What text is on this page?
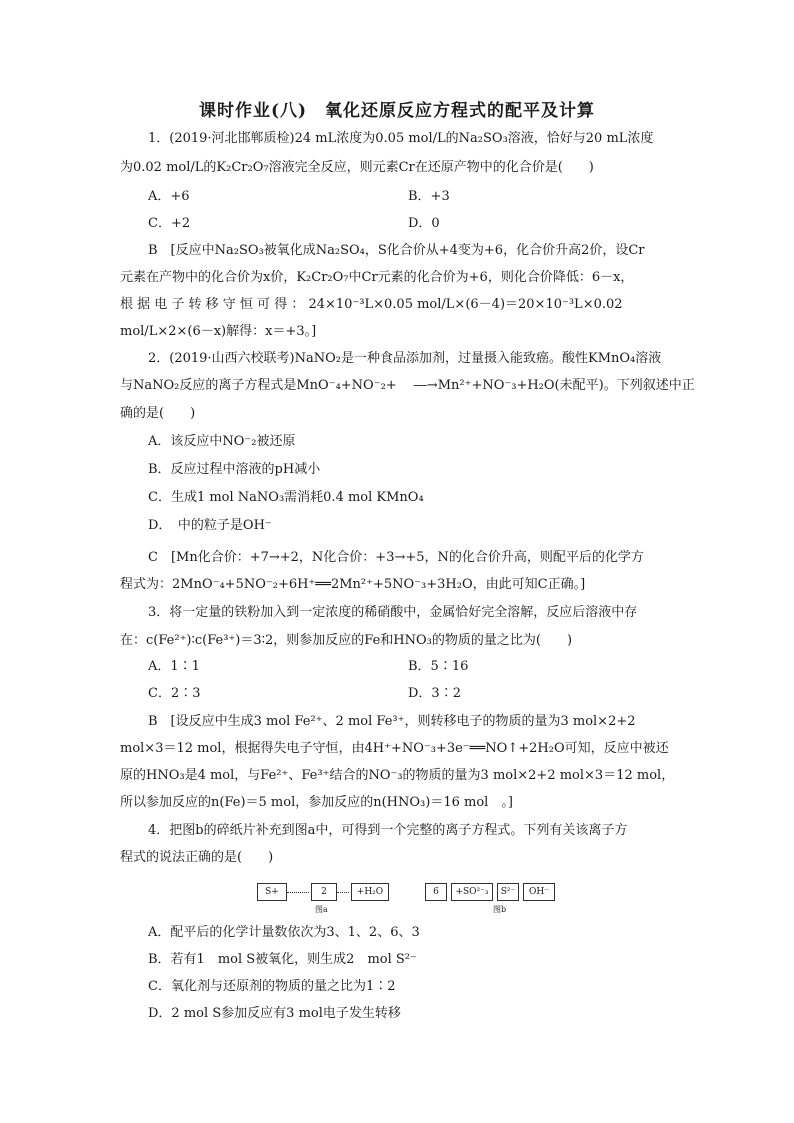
课时作业(八)　氧化还原反应方程式的配平及计算
1．(2019·河北邯郸质检)24 mL浓度为0.05 mol/L的Na₂SO₃溶液，恰好与20 mL浓度
为0.02 mol/L的K₂Cr₂O₇溶液完全反应，则元素Cr在还原产物中的化合价是(　　)
A．+6	B．+3
C．+2	D．0
B　[反应中Na₂SO₃被氧化成Na₂SO₄，S化合价从+4变为+6，化合价升高2价，设Cr
元素在产物中的化合价为x价，K₂Cr₂O₇中Cr元素的化合价为+6，则化合价降低：6－x，
根 据 电 子 转 移 守 恒 可 得 ： 24×10⁻³L×0.05 mol/L×(6－4)＝20×10⁻³L×0.02
mol/L×2×(6－x)解得：x＝+3。]
2．(2019·山西六校联考)NaNO₂是一种食品添加剂，过量摄入能致癌。酸性KMnO₄溶液
与NaNO₂反应的离子方程式是MnO⁻₄+NO⁻₂+　 ―→Mn²⁺+NO⁻₃+H₂O(未配平)。下列叙述中正
确的是(　　)
A．该反应中NO⁻₂被还原
B．反应过程中溶液的pH减小
C．生成1 mol NaNO₃需消耗0.4 mol KMnO₄
D．　中的粒子是OH⁻
C　[Mn化合价：+7→+2，N化合价：+3→+5，N的化合价升高，则配平后的化学方
程式为：2MnO⁻₄+5NO⁻₂+6H⁺══2Mn²⁺+5NO⁻₃+3H₂O，由此可知C正确。]
3．将一定量的铁粉加入到一定浓度的稀硝酸中，金属恰好完全溶解，反应后溶液中存
在：c(Fe²⁺)∶c(Fe³⁺)＝3∶2，则参加反应的Fe和HNO₃的物质的量之比为(　　)
A．1∶1	B．5∶16
C．2∶3	D．3∶2
B　[设反应中生成3 mol Fe²⁺、2 mol Fe³⁺，则转移电子的物质的量为3 mol×2+2
mol×3＝12 mol，根据得失电子守恒，由4H⁺+NO⁻₃+3e⁻══NO↑+2H₂O可知，反应中被还
原的HNO₃是4 mol，与Fe²⁺、Fe³⁺结合的NO⁻₃的物质的量为3 mol×2+2 mol×3＝12 mol，
所以参加反应的n(Fe)＝5 mol，参加反应的n(HNO₃)＝16 mol　。]
4．把图b的碎纸片补充到图a中，可得到一个完整的离子方程式。下列有关该离子方
程式的说法正确的是(　　)
S+	2	+H₂O
图a
6	+SO²⁻₃	S²⁻	OH⁻
图b
A．配平后的化学计量数依次为3、1、2、6、3
B．若有1　mol S被氧化，则生成2　mol S²⁻
C．氧化剂与还原剂的物质的量之比为1∶2
D．2 mol S参加反应有3 mol电子发生转移
